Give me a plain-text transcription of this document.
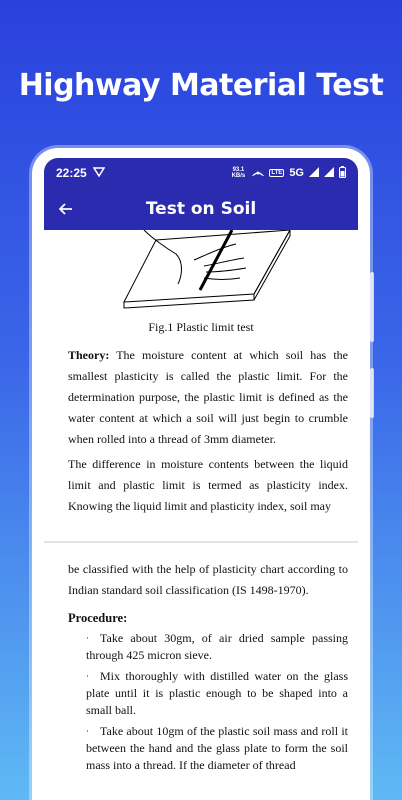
Highway Material Test
22:25	93.1 KB/s	LTE 5G
Test on Soil
Fig.1 Plastic limit test

Theory: The moisture content at which soil has the smallest plasticity is called the plastic limit. For the determination purpose, the plastic limit is defined as the water content at which a soil will just begin to crumble when rolled into a thread of 3mm diameter.

The difference in moisture contents between the liquid limit and plastic limit is termed as plasticity index. Knowing the liquid limit and plasticity index, soil may

be classified with the help of plasticity chart according to Indian standard soil classification (IS 1498-1970).

Procedure:
· Take about 30gm, of air dried sample passing through 425 micron sieve.
· Mix thoroughly with distilled water on the glass plate until it is plastic enough to be shaped into a small ball.
· Take about 10gm of the plastic soil mass and roll it between the hand and the glass plate to form the soil mass into a thread. If the diameter of thread
